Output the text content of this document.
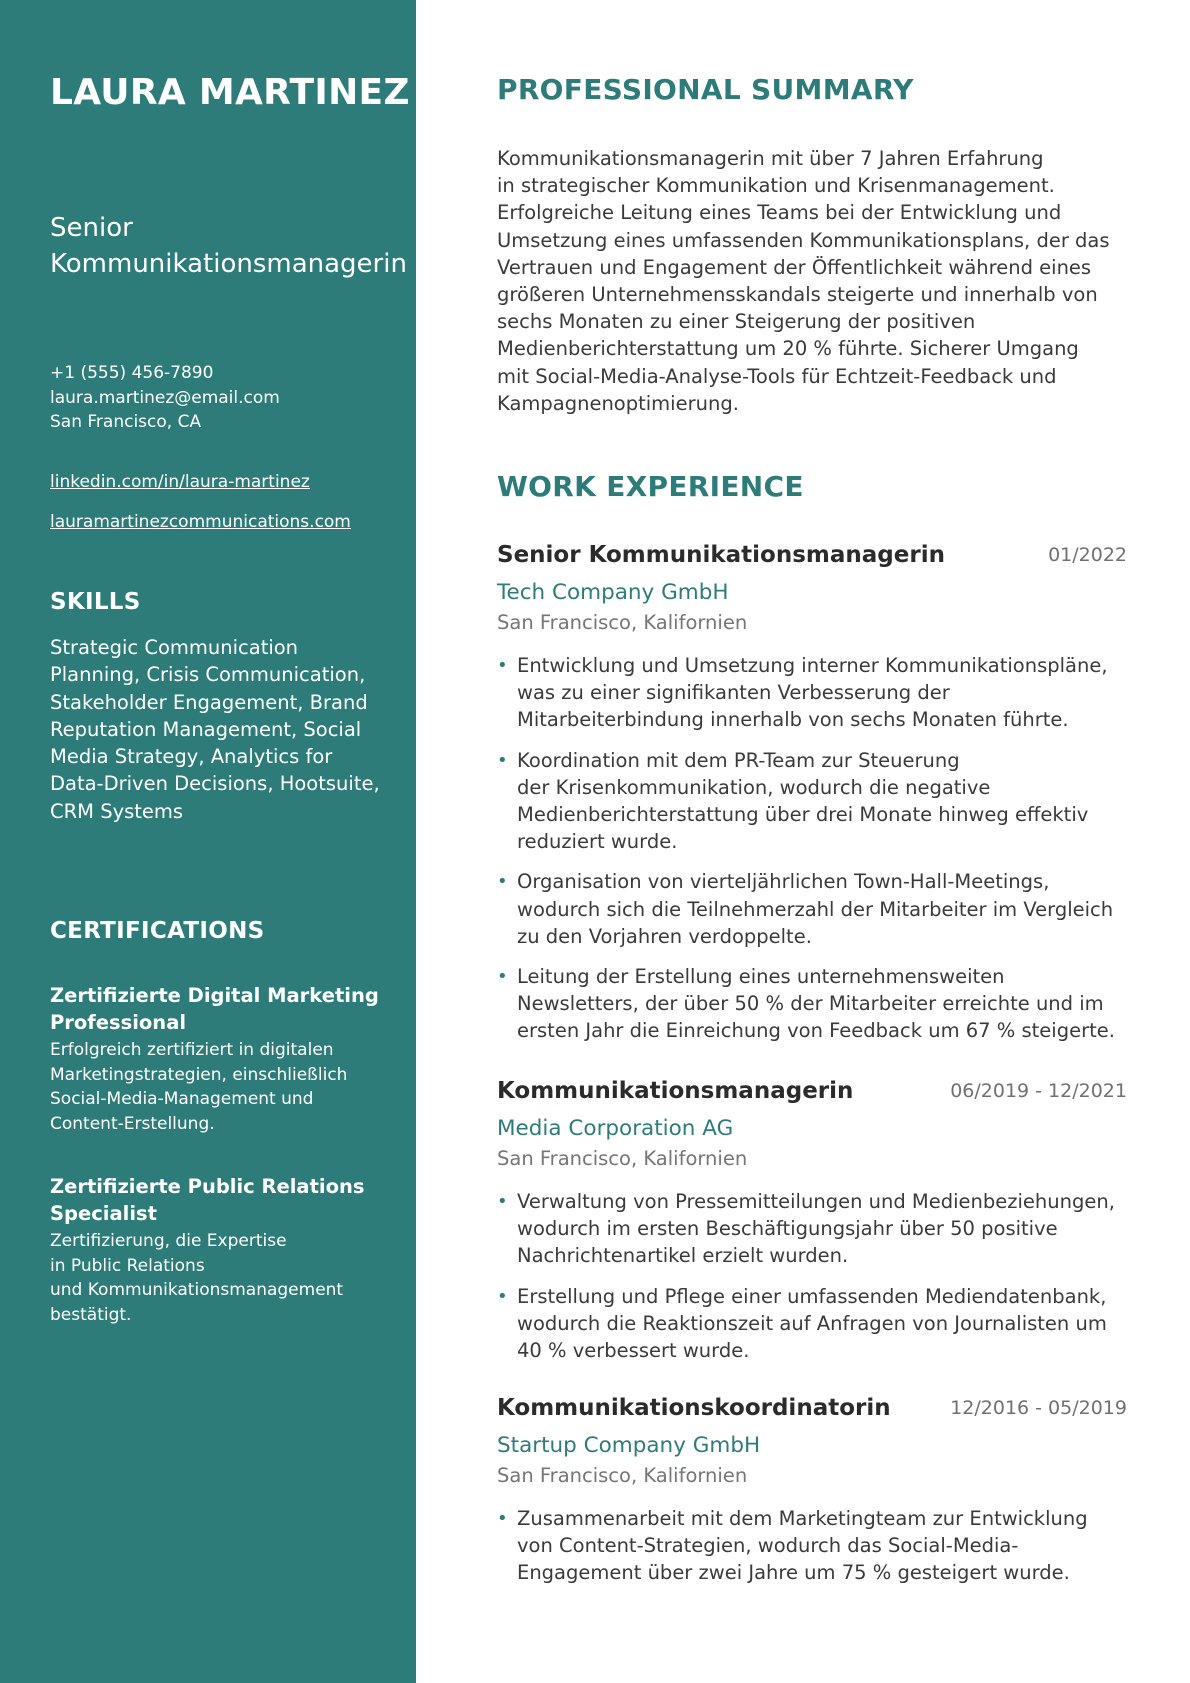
LAURA MARTINEZ
Senior Kommunikationsmanagerin
+1 (555) 456-7890
laura.martinez@email.com
San Francisco, CA
linkedin.com/in/laura-martinez
lauramartinezcommunications.com
SKILLS
Strategic Communication Planning, Crisis Communication, Stakeholder Engagement, Brand Reputation Management, Social Media Strategy, Analytics for Data-Driven Decisions, Hootsuite, CRM Systems
CERTIFICATIONS
Zertifizierte Digital Marketing Professional
Erfolgreich zertifiziert in digitalen Marketingstrategien, einschließlich Social-Media-Management und Content-Erstellung.
Zertifizierte Public Relations Specialist
Zertifizierung, die Expertise
in Public Relations
und Kommunikationsmanagement bestätigt.
PROFESSIONAL SUMMARY
Kommunikationsmanagerin mit über 7 Jahren Erfahrung
in strategischer Kommunikation und Krisenmanagement. Erfolgreiche Leitung eines Teams bei der Entwicklung und Umsetzung eines umfassenden Kommunikationsplans, der das Vertrauen und Engagement der Öffentlichkeit während eines größeren Unternehmensskandals steigerte und innerhalb von sechs Monaten zu einer Steigerung der positiven Medienberichterstattung um 20 % führte. Sicherer Umgang mit Social-Media-Analyse-Tools für Echtzeit-Feedback und Kampagnenoptimierung.
WORK EXPERIENCE
Senior Kommunikationsmanagerin	01/2022
Tech Company GmbH
San Francisco, Kalifornien
• Entwicklung und Umsetzung interner Kommunikationspläne, was zu einer signifikanten Verbesserung der Mitarbeiterbindung innerhalb von sechs Monaten führte.
• Koordination mit dem PR-Team zur Steuerung
der Krisenkommunikation, wodurch die negative Medienberichterstattung über drei Monate hinweg effektiv reduziert wurde.
• Organisation von vierteljährlichen Town-Hall-Meetings, wodurch sich die Teilnehmerzahl der Mitarbeiter im Vergleich zu den Vorjahren verdoppelte.
• Leitung der Erstellung eines unternehmensweiten Newsletters, der über 50 % der Mitarbeiter erreichte und im ersten Jahr die Einreichung von Feedback um 67 % steigerte.
Kommunikationsmanagerin	06/2019 - 12/2021
Media Corporation AG
San Francisco, Kalifornien
• Verwaltung von Pressemitteilungen und Medienbeziehungen, wodurch im ersten Beschäftigungsjahr über 50 positive Nachrichtenartikel erzielt wurden.
• Erstellung und Pflege einer umfassenden Mediendatenbank, wodurch die Reaktionszeit auf Anfragen von Journalisten um 40 % verbessert wurde.
Kommunikationskoordinatorin	12/2016 - 05/2019
Startup Company GmbH
San Francisco, Kalifornien
• Zusammenarbeit mit dem Marketingteam zur Entwicklung
von Content-Strategien, wodurch das Social-Media-Engagement über zwei Jahre um 75 % gesteigert wurde.
